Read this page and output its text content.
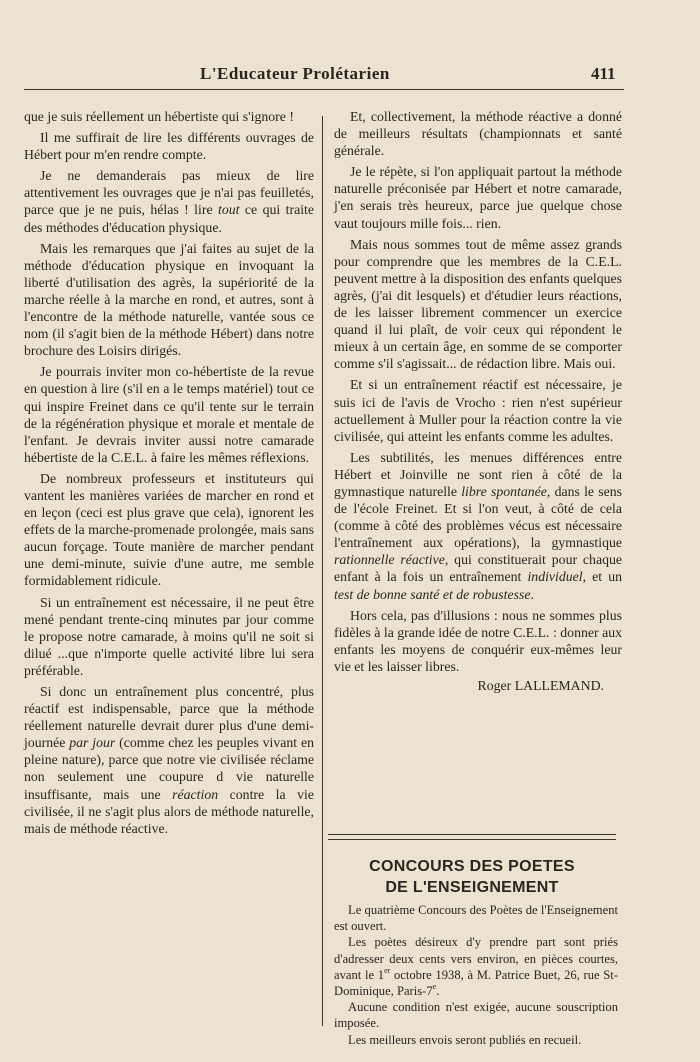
L'Educateur Prolétarien	411

que je suis réellement un hébertiste qui s'ignore !

Il me suffirait de lire les différents ouvrages de Hébert pour m'en rendre compte.

Je ne demanderais pas mieux de lire attentivement les ouvrages que je n'ai pas feuilletés, parce que je ne puis, hélas ! lire tout ce qui traite des méthodes d'éducation physique.

Mais les remarques que j'ai faites au sujet de la méthode d'éducation physique en invoquant la liberté d'utilisation des agrès, la supériorité de la marche réelle à la marche en rond, et autres, sont à l'encontre de la méthode naturelle, vantée sous ce nom (il s'agit bien de la méthode Hébert) dans notre brochure des Loisirs dirigés.

Je pourrais inviter mon co-hébertiste de la revue en question à lire (s'il en a le temps matériel) tout ce qui inspire Freinet dans ce qu'il tente sur le terrain de la régénération physique et morale et mentale de l'enfant. Je devrais inviter aussi notre camarade hébertiste de la C.E.L. à faire les mêmes réflexions.

De nombreux professeurs et instituteurs qui vantent les manières variées de marcher en rond et en leçon (ceci est plus grave que cela), ignorent les effets de la marche-promenade prolongée, mais sans aucun forçage. Toute manière de marcher pendant une demi-minute, suivie d'une autre, me semble formidablement ridicule.

Si un entraînement est nécessaire, il ne peut être mené pendant trente-cinq minutes par jour comme le propose notre camarade, à moins qu'il ne soit si dilué ...que n'importe quelle activité libre lui sera préférable.

Si donc un entraînement plus concentré, plus réactif est indispensable, parce que la méthode réellement naturelle devrait durer plus d'une demi-journée par jour (comme chez les peuples vivant en pleine nature), parce que notre vie civilisée réclame non seulement une coupure d vie naturelle insuffisante, mais une réaction contre la vie civilisée, il ne s'agit plus alors de méthode naturelle, mais de méthode réactive.

Et, collectivement, la méthode réactive a donné de meilleurs résultats (championnats et santé générale.

Je le répète, si l'on appliquait partout la méthode naturelle préconisée par Hébert et notre camarade, j'en serais très heureux, parce jue quelque chose vaut toujours mille fois... rien.

Mais nous sommes tout de même assez grands pour comprendre que les membres de la C.E.L. peuvent mettre à la disposition des enfants quelques agrès, (j'ai dit lesquels) et d'étudier leurs réactions, de les laisser librement commencer un exercice quand il lui plaît, de voir ceux qui répondent le mieux à un certain âge, en somme de se comporter comme s'il s'agissait... de rédaction libre. Mais oui.

Et si un entraînement réactif est nécessaire, je suis ici de l'avis de Vrocho : rien n'est supérieur actuellement à Muller pour la réaction contre la vie civilisée, qui atteint les enfants comme les adultes.

Les subtilités, les menues différences entre Hébert et Joinville ne sont rien à côté de la gymnastique naturelle libre spontanée, dans le sens de l'école Freinet. Et si l'on veut, à côté de cela (comme à côté des problèmes vécus est nécessaire l'entraînement aux opérations), la gymnastique rationnelle réactive, qui constituerait pour chaque enfant à la fois un entraînement individuel, et un test de bonne santé et de robustesse.

Hors cela, pas d'illusions : nous ne sommes plus fidèles à la grande idée de notre C.E.L. : donner aux enfants les moyens de conquérir eux-mêmes leur vie et les laisser libres.

Roger LALLEMAND.

CONCOURS DES POETES
DE L'ENSEIGNEMENT

Le quatrième Concours des Poètes de l'Enseignement est ouvert.

Les poètes désireux d'y prendre part sont priés d'adresser deux cents vers environ, en pièces courtes, avant le 1er octobre 1938, à M. Patrice Buet, 26, rue St-Dominique, Paris-7e.

Aucune condition n'est exigée, aucune souscription imposée.

Les meilleurs envois seront publiés en recueil.
